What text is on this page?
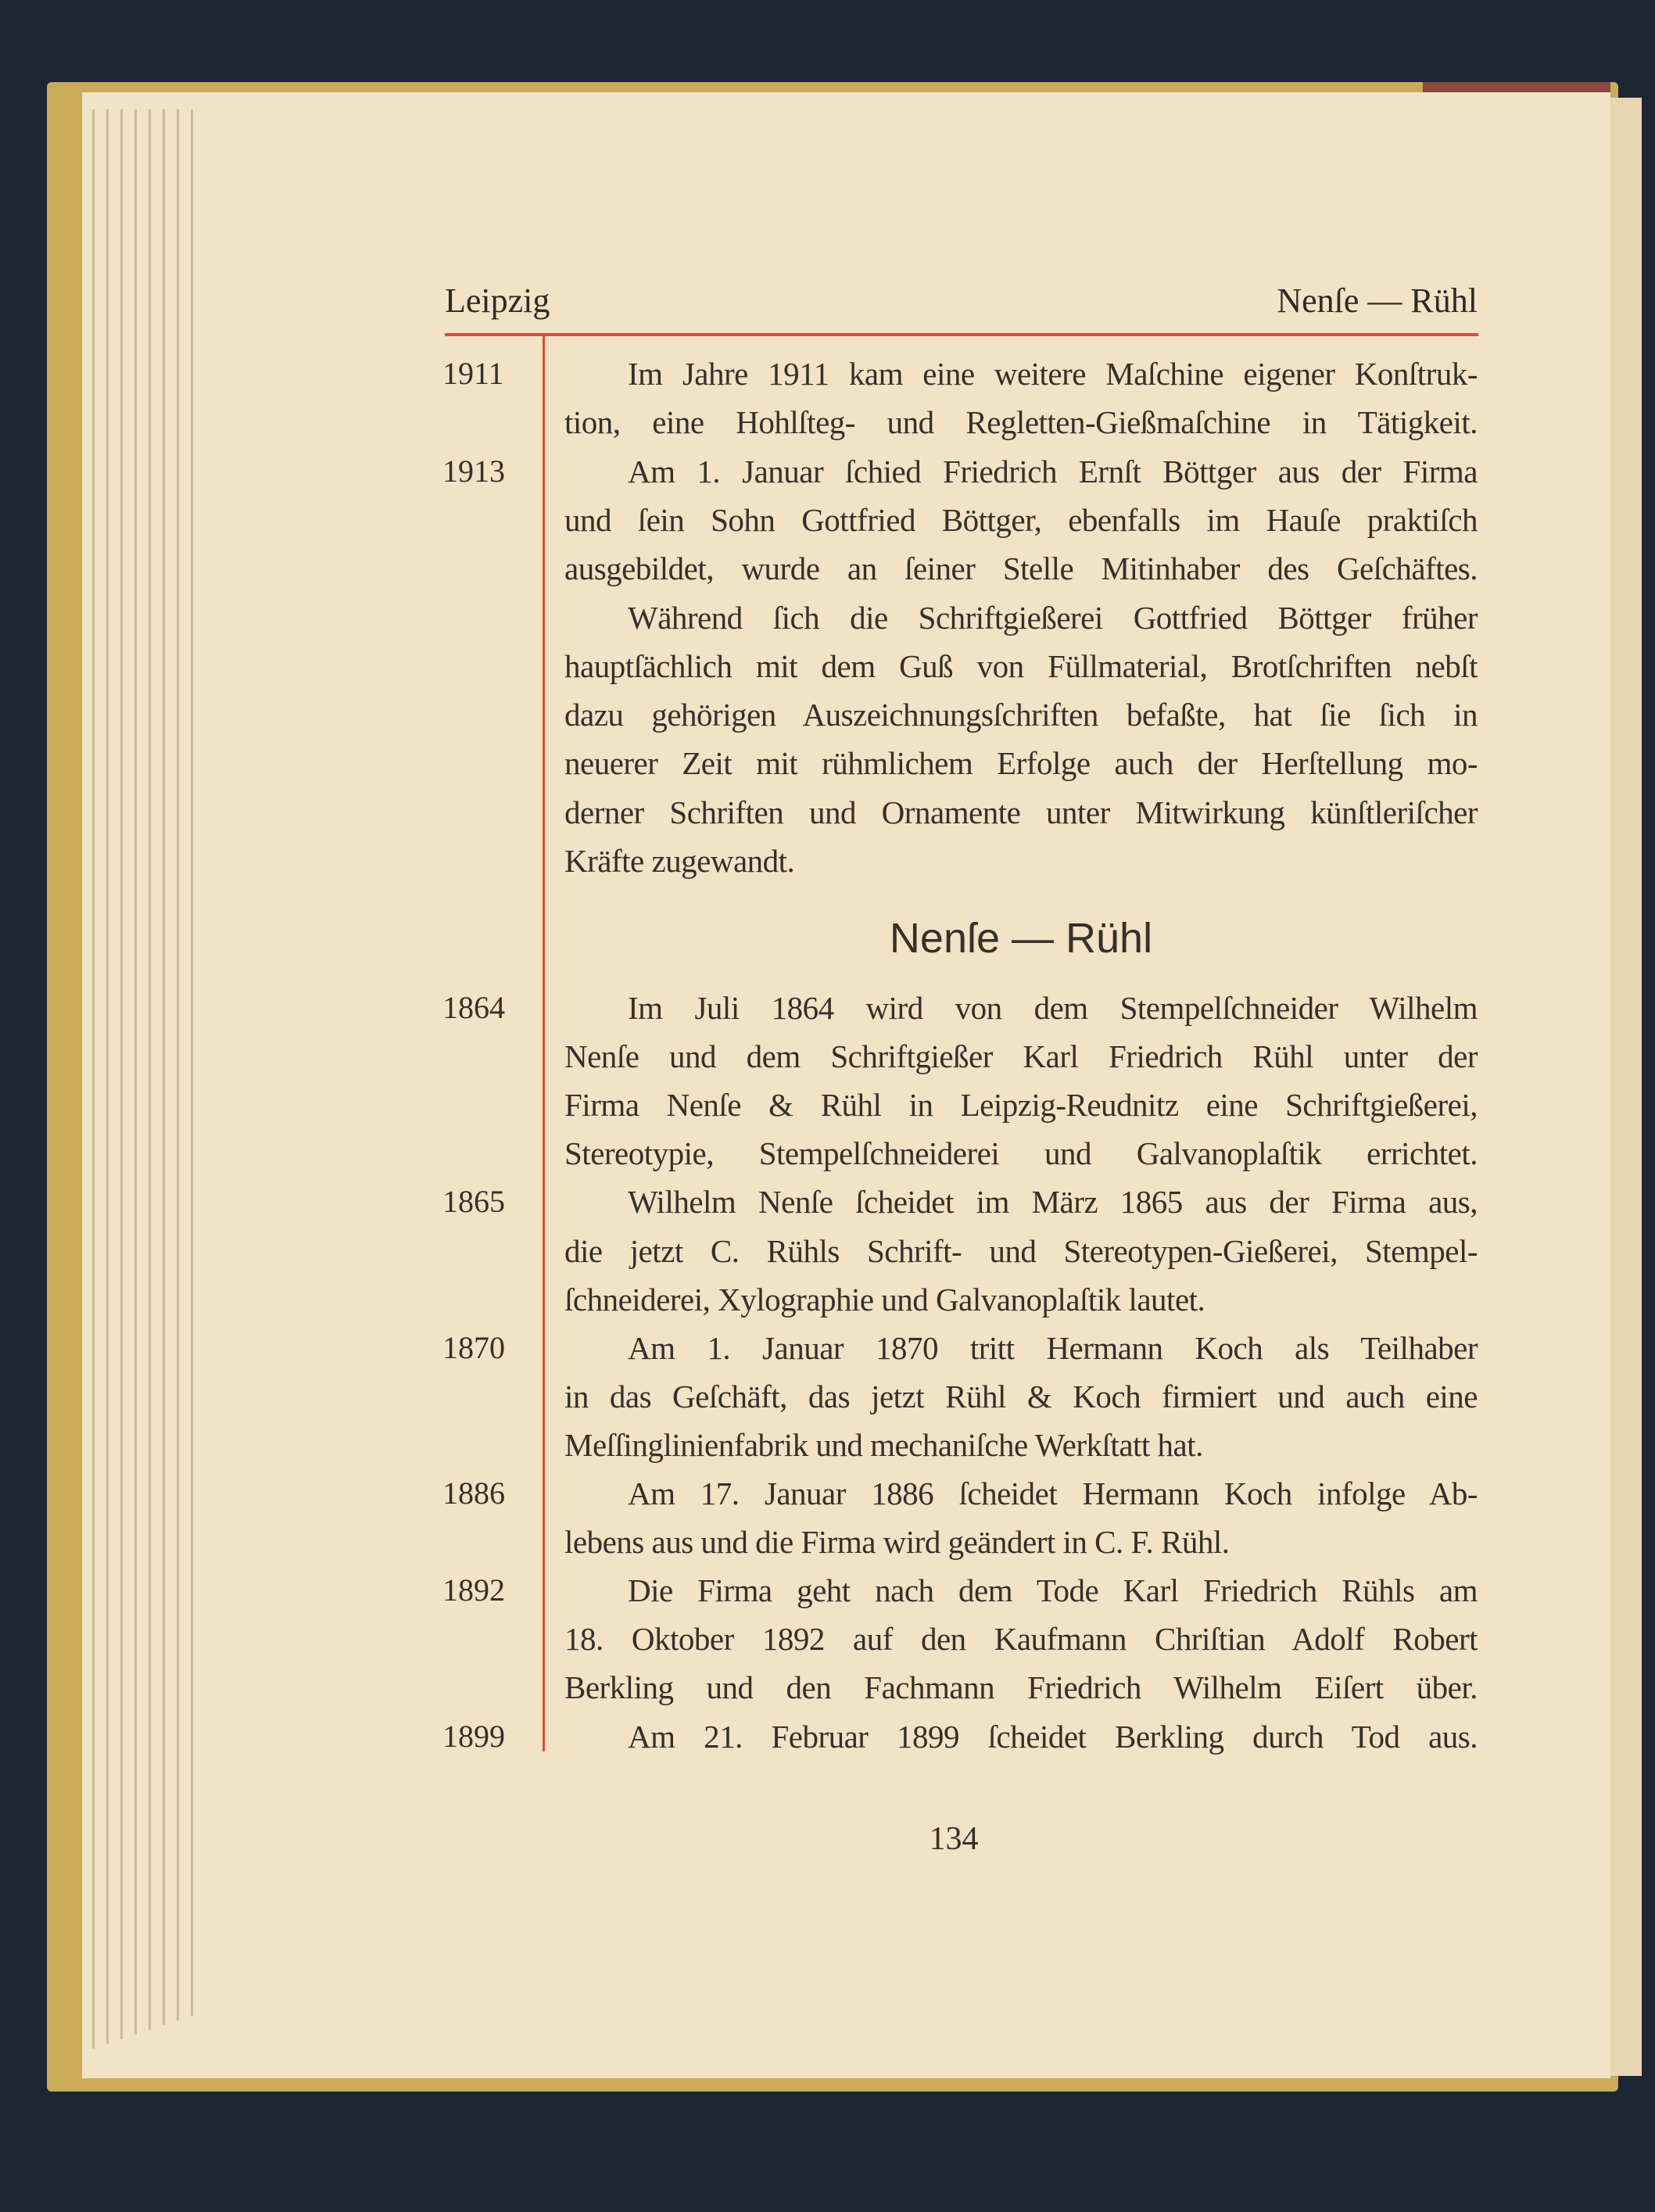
Leipzig	Nenſe — Rühl
Im Jahre 1911 kam eine weitere Maſchine eigener Konſtruk-
1911
tion, eine Hohlſteg- und Regletten-Gießmaſchine in Tätigkeit.
Am 1. Januar ſchied Friedrich Ernſt Böttger aus der Firma
1913
und ſein Sohn Gottfried Böttger, ebenfalls im Hauſe praktiſch
ausgebildet, wurde an ſeiner Stelle Mitinhaber des Geſchäftes.
Während ſich die Schriftgießerei Gottfried Böttger früher
hauptſächlich mit dem Guß von Füllmaterial, Brotſchriften nebſt
dazu gehörigen Auszeichnungsſchriften befaßte, hat ſie ſich in
neuerer Zeit mit rühmlichem Erfolge auch der Herſtellung mo-
derner Schriften und Ornamente unter Mitwirkung künſtleriſcher
Kräfte zugewandt.
Nenſe — Rühl
Im Juli 1864 wird von dem Stempelſchneider Wilhelm
1864
Nenſe und dem Schriftgießer Karl Friedrich Rühl unter der
Firma Nenſe & Rühl in Leipzig-Reudnitz eine Schriftgießerei,
Stereotypie, Stempelſchneiderei und Galvanoplaſtik errichtet.
Wilhelm Nenſe ſcheidet im März 1865 aus der Firma aus,
1865
die jetzt C. Rühls Schrift- und Stereotypen-Gießerei, Stempel-
ſchneiderei, Xylographie und Galvanoplaſtik lautet.
Am 1. Januar 1870 tritt Hermann Koch als Teilhaber
1870
in das Geſchäft, das jetzt Rühl & Koch firmiert und auch eine
Meſſinglinienfabrik und mechaniſche Werkſtatt hat.
Am 17. Januar 1886 ſcheidet Hermann Koch infolge Ab-
1886
lebens aus und die Firma wird geändert in C. F. Rühl.
Die Firma geht nach dem Tode Karl Friedrich Rühls am
1892
18. Oktober 1892 auf den Kaufmann Chriſtian Adolf Robert
Berkling und den Fachmann Friedrich Wilhelm Eiſert über.
Am 21. Februar 1899 ſcheidet Berkling durch Tod aus.
1899
134
